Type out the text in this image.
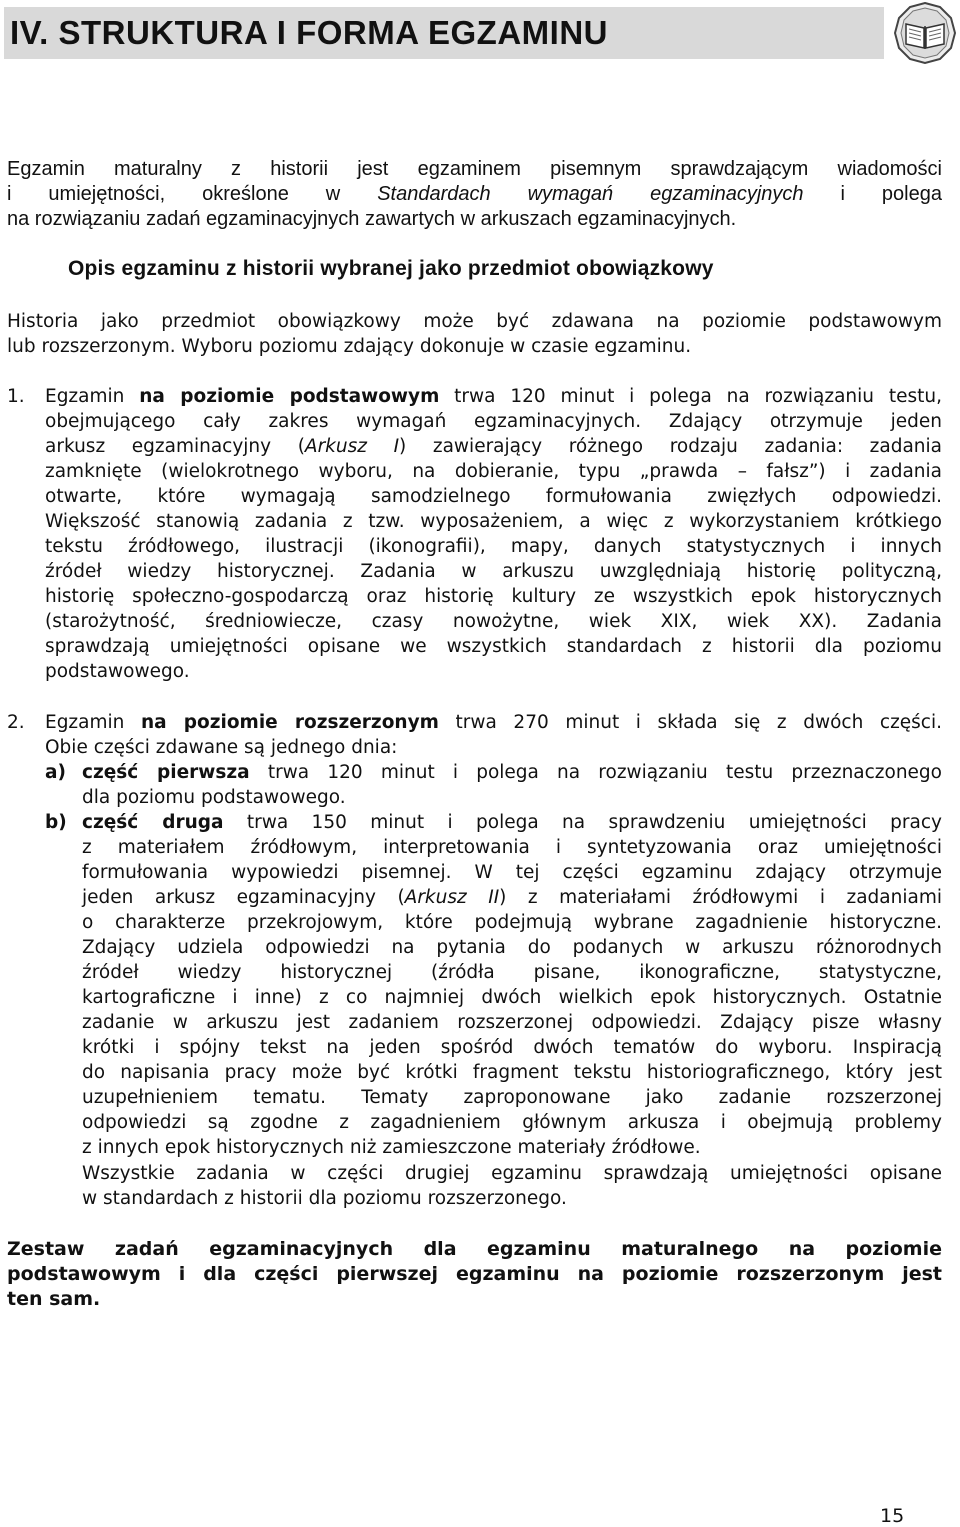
IV. STRUKTURA I FORMA EGZAMINU
Egzamin maturalny z historii jest egzaminem pisemnym sprawdzającym wiadomości
i umiejętności, określone w Standardach wymagań egzaminacyjnych i polega
na rozwiązaniu zadań egzaminacyjnych zawartych w arkuszach egzaminacyjnych.
Opis egzaminu z historii wybranej jako przedmiot obowiązkowy
Historia jako przedmiot obowiązkowy może być zdawana na poziomie podstawowym
lub rozszerzonym. Wyboru poziomu zdający dokonuje w czasie egzaminu.
1. Egzamin na poziomie podstawowym trwa 120 minut i polega na rozwiązaniu testu,
obejmującego cały zakres wymagań egzaminacyjnych. Zdający otrzymuje jeden
arkusz egzaminacyjny (Arkusz I) zawierający różnego rodzaju zadania: zadania
zamknięte (wielokrotnego wyboru, na dobieranie, typu „prawda – fałsz”) i zadania
otwarte, które wymagają samodzielnego formułowania zwięzłych odpowiedzi.
Większość stanowią zadania z tzw. wyposażeniem, a więc z wykorzystaniem krótkiego
tekstu źródłowego, ilustracji (ikonografii), mapy, danych statystycznych i innych
źródeł wiedzy historycznej. Zadania w arkuszu uwzględniają historię polityczną,
historię społeczno-gospodarczą oraz historię kultury ze wszystkich epok historycznych
(starożytność, średniowiecze, czasy nowożytne, wiek XIX, wiek XX). Zadania
sprawdzają umiejętności opisane we wszystkich standardach z historii dla poziomu
podstawowego.
2. Egzamin na poziomie rozszerzonym trwa 270 minut i składa się z dwóch części.
Obie części zdawane są jednego dnia:
a) część pierwsza trwa 120 minut i polega na rozwiązaniu testu przeznaczonego
dla poziomu podstawowego.
b) część druga trwa 150 minut i polega na sprawdzeniu umiejętności pracy
z materiałem źródłowym, interpretowania i syntetyzowania oraz umiejętności
formułowania wypowiedzi pisemnej. W tej części egzaminu zdający otrzymuje
jeden arkusz egzaminacyjny (Arkusz II) z materiałami źródłowymi i zadaniami
o charakterze przekrojowym, które podejmują wybrane zagadnienie historyczne.
Zdający udziela odpowiedzi na pytania do podanych w arkuszu różnorodnych
źródeł wiedzy historycznej (źródła pisane, ikonograficzne, statystyczne,
kartograficzne i inne) z co najmniej dwóch wielkich epok historycznych. Ostatnie
zadanie w arkuszu jest zadaniem rozszerzonej odpowiedzi. Zdający pisze własny
krótki i spójny tekst na jeden spośród dwóch tematów do wyboru. Inspiracją
do napisania pracy może być krótki fragment tekstu historiograficznego, który jest
uzupełnieniem tematu. Tematy zaproponowane jako zadanie rozszerzonej
odpowiedzi są zgodne z zagadnieniem głównym arkusza i obejmują problemy
z innych epok historycznych niż zamieszczone materiały źródłowe.
Wszystkie zadania w części drugiej egzaminu sprawdzają umiejętności opisane
w standardach z historii dla poziomu rozszerzonego.
Zestaw zadań egzaminacyjnych dla egzaminu maturalnego na poziomie
podstawowym i dla części pierwszej egzaminu na poziomie rozszerzonym jest
ten sam.
15
